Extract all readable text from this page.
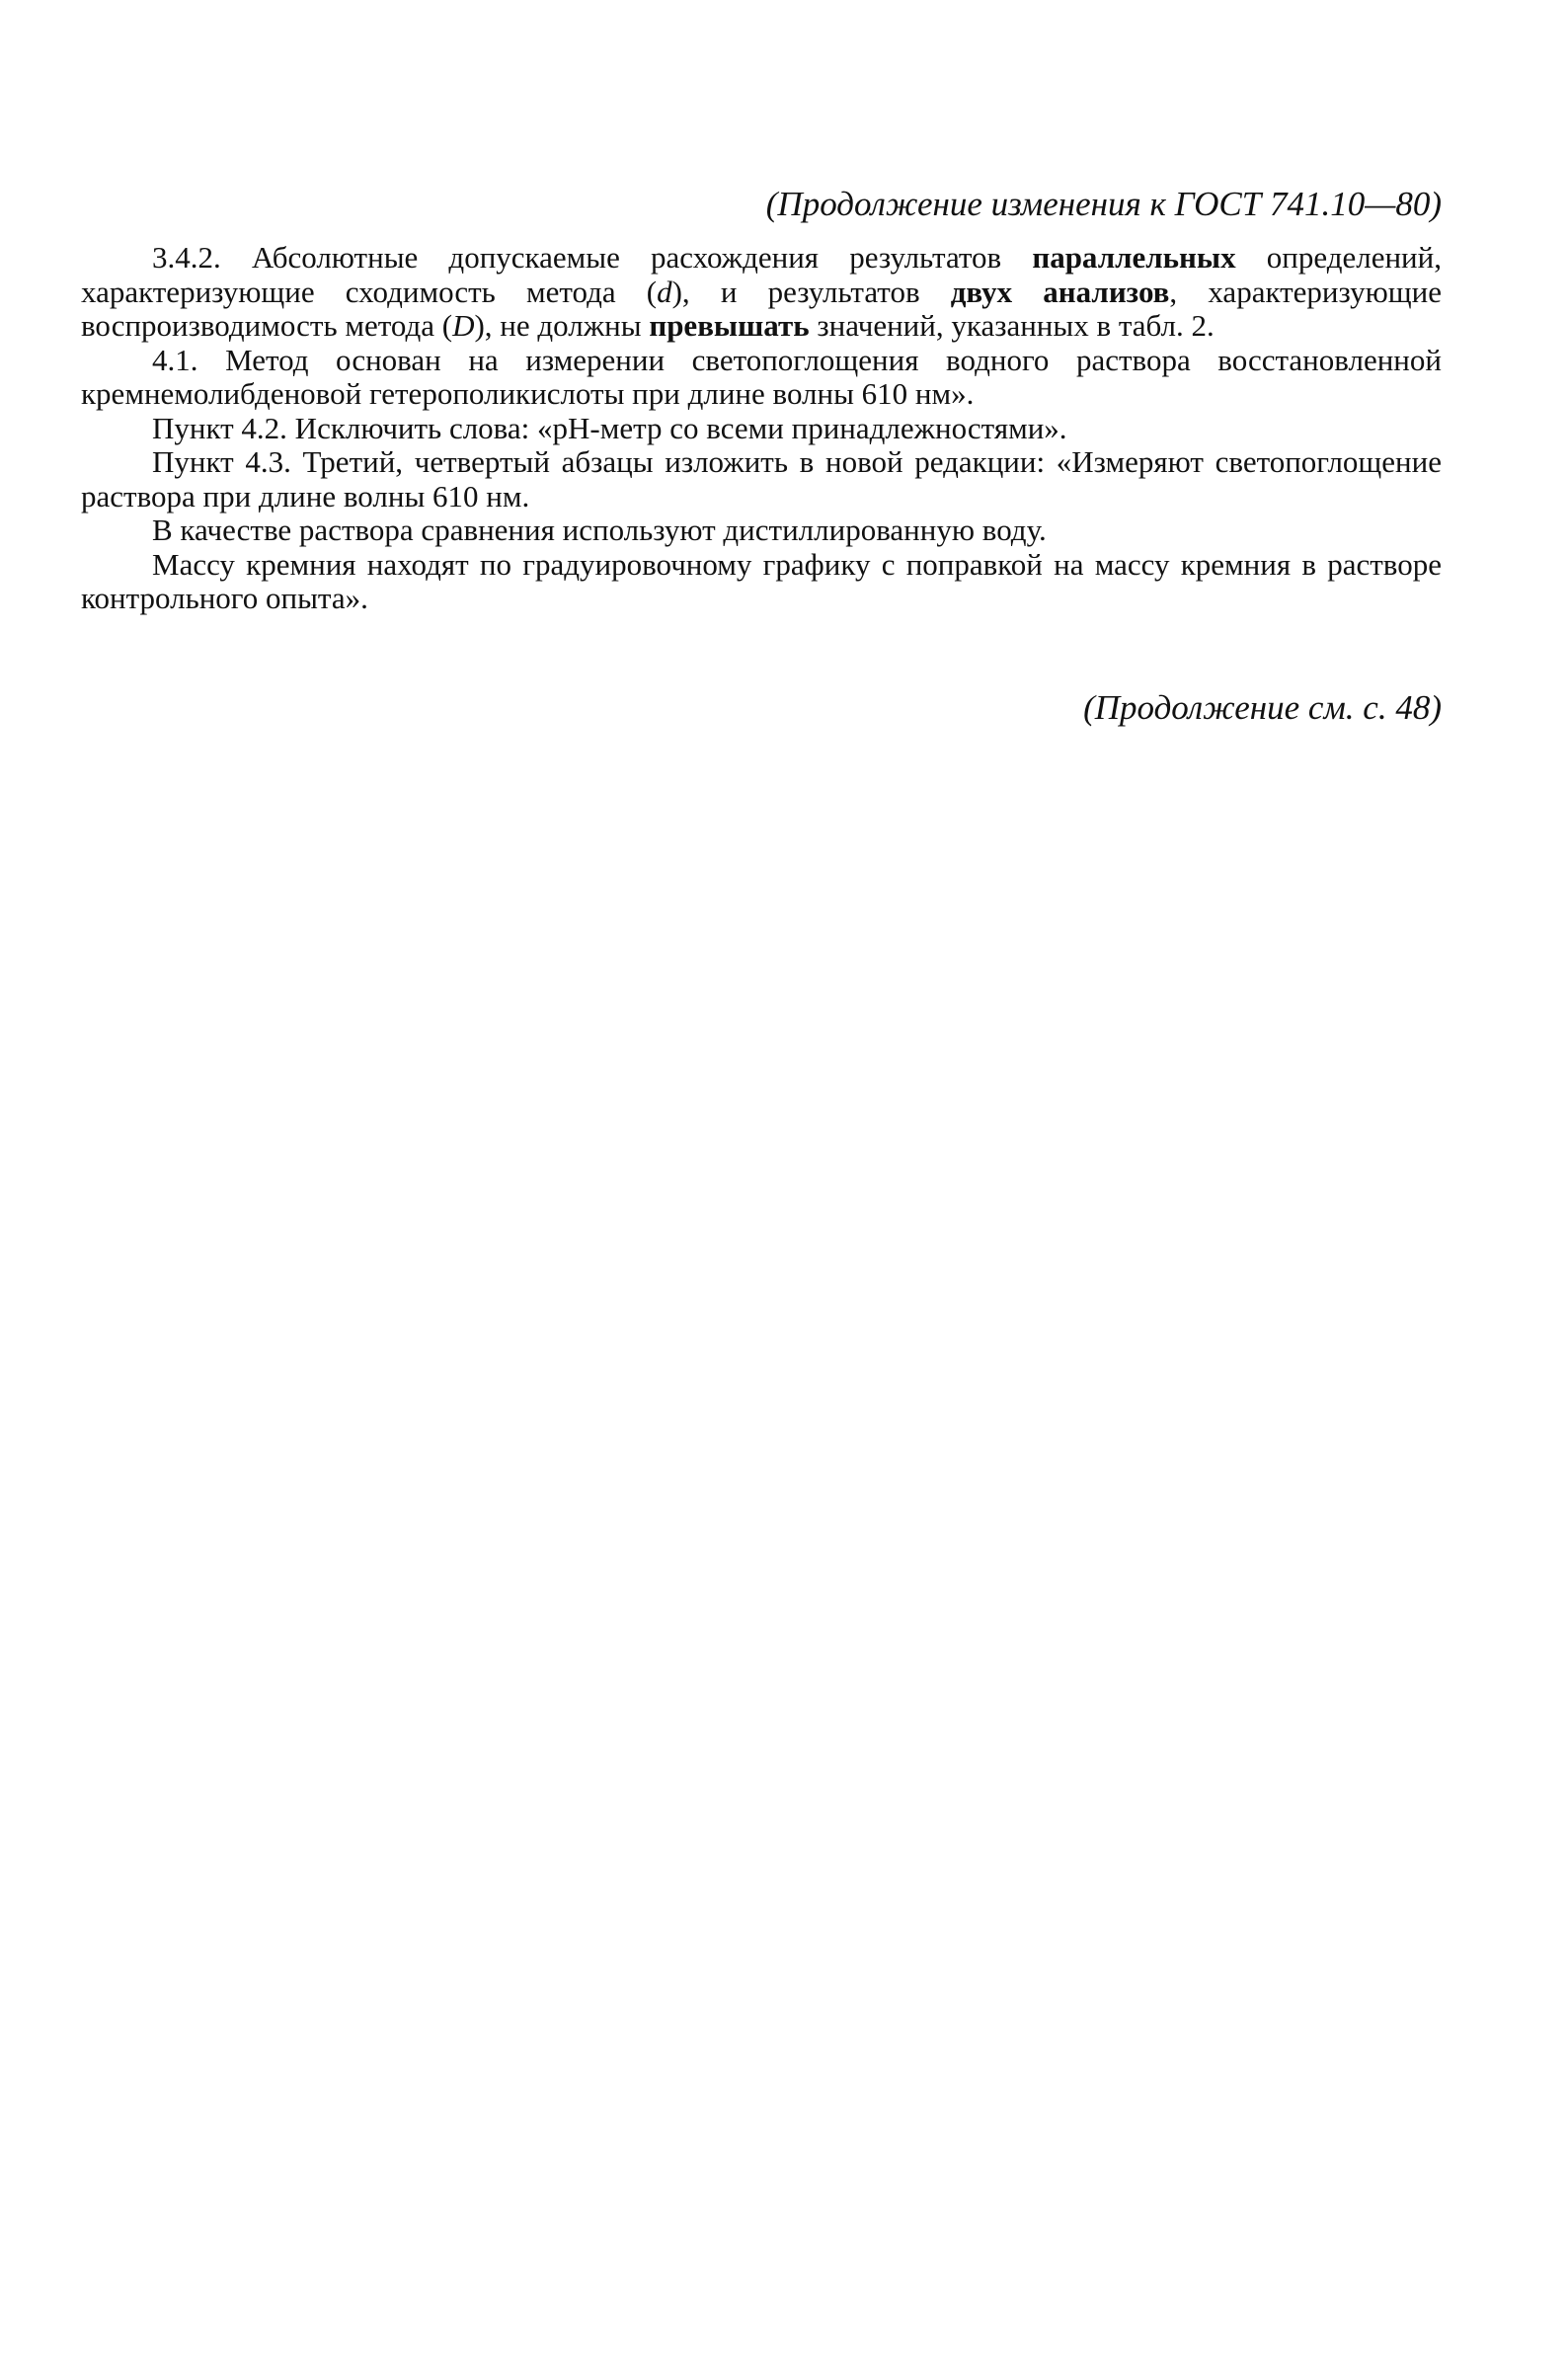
(Продолжение изменения к ГОСТ 741.10—80)

3.4.2. Абсолютные допускаемые расхождения результатов параллельных определений, характеризующие сходимость метода (d), и результатов двух анализов, характеризующие воспроизводимость метода (D), не должны превышать значений, указанных в табл. 2.

4.1. Метод основан на измерении светопоглощения водного раствора восстановленной кремнемолибденовой гетерополикислоты при длине волны 610 нм».

Пункт 4.2. Исключить слова: «рН-метр со всеми принадлежностями».

Пункт 4.3. Третий, четвертый абзацы изложить в новой редакции: «Измеряют светопоглощение раствора при длине волны 610 нм.

В качестве раствора сравнения используют дистиллированную воду.

Массу кремния находят по градуировочному графику с поправкой на массу кремния в растворе контрольного опыта».

(Продолжение см. с. 48)
